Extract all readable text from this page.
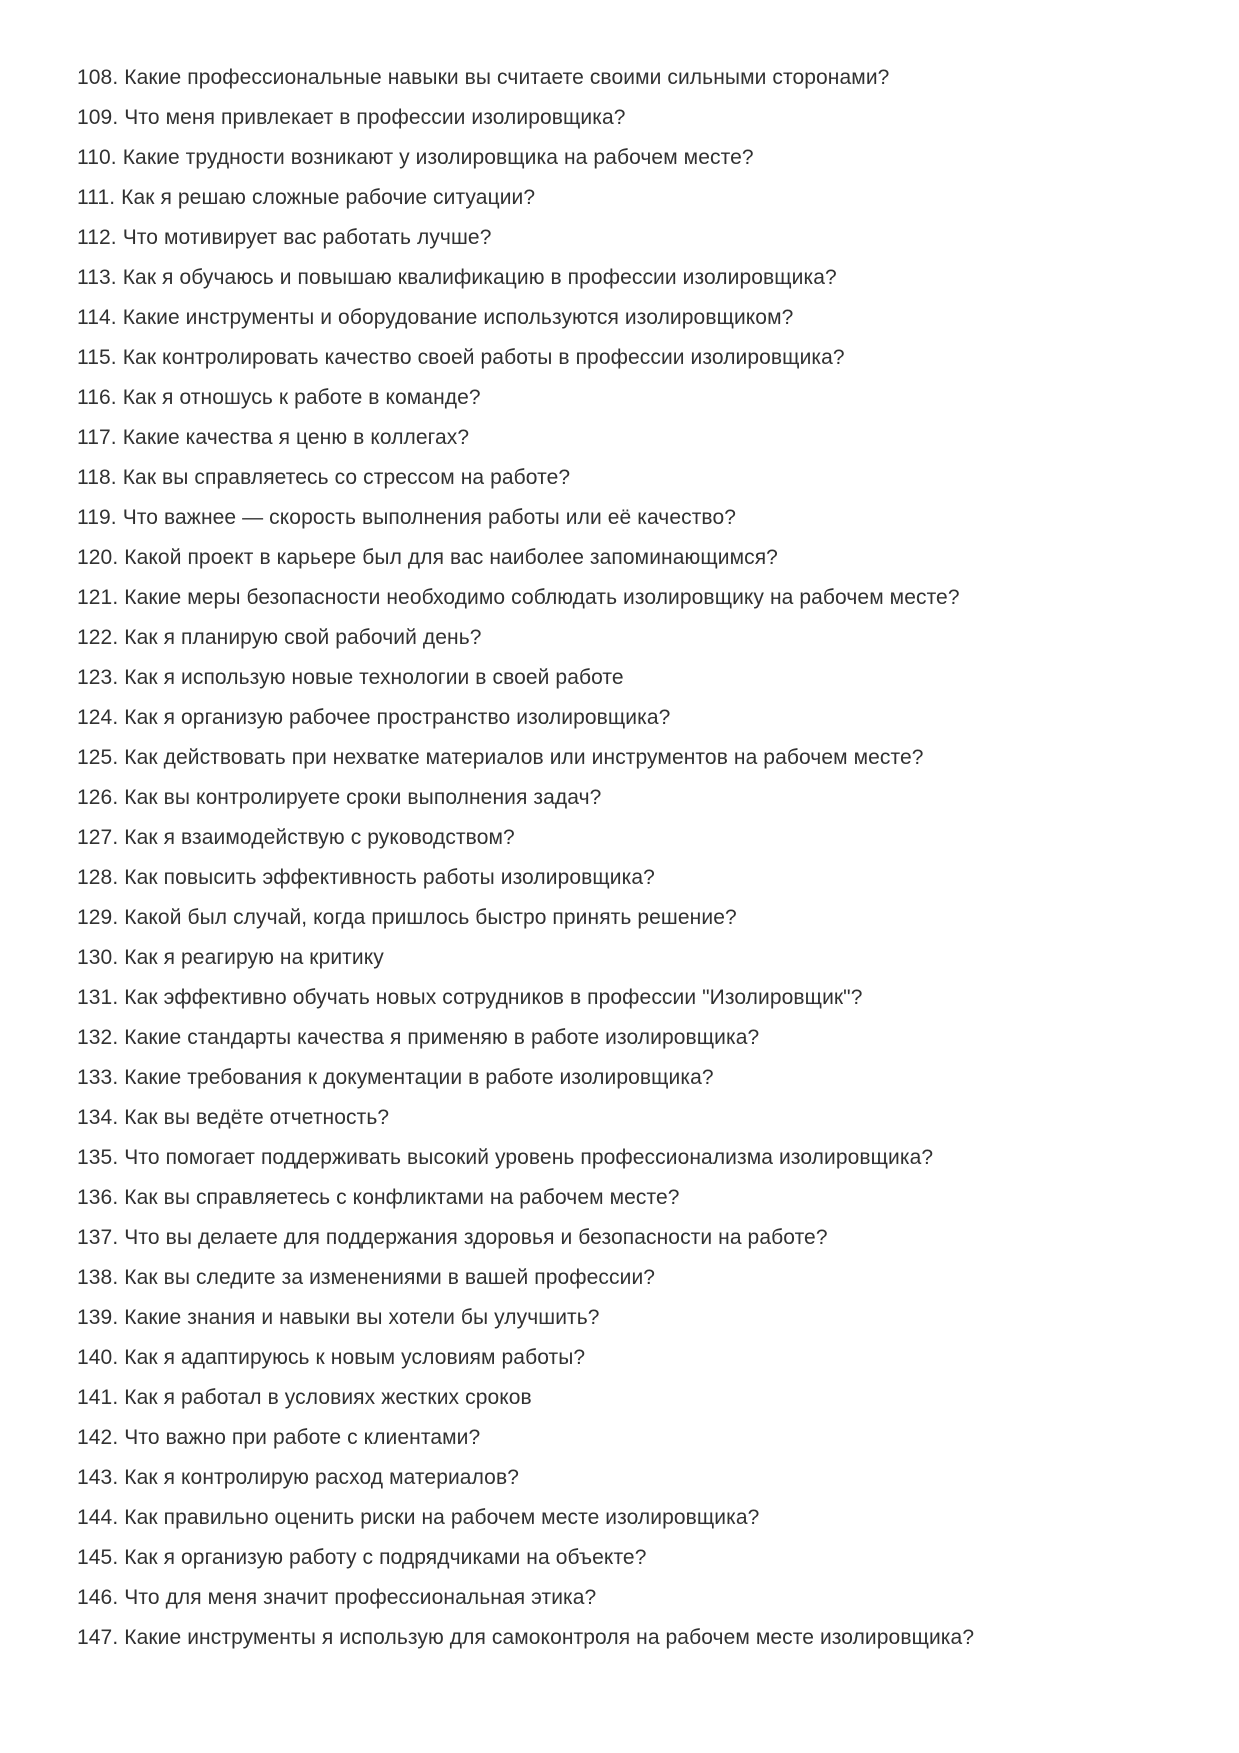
108. Какие профессиональные навыки вы считаете своими сильными сторонами?
109. Что меня привлекает в профессии изолировщика?
110. Какие трудности возникают у изолировщика на рабочем месте?
111. Как я решаю сложные рабочие ситуации?
112. Что мотивирует вас работать лучше?
113. Как я обучаюсь и повышаю квалификацию в профессии изолировщика?
114. Какие инструменты и оборудование используются изолировщиком?
115. Как контролировать качество своей работы в профессии изолировщика?
116. Как я отношусь к работе в команде?
117. Какие качества я ценю в коллегах?
118. Как вы справляетесь со стрессом на работе?
119. Что важнее — скорость выполнения работы или её качество?
120. Какой проект в карьере был для вас наиболее запоминающимся?
121. Какие меры безопасности необходимо соблюдать изолировщику на рабочем месте?
122. Как я планирую свой рабочий день?
123. Как я использую новые технологии в своей работе
124. Как я организую рабочее пространство изолировщика?
125. Как действовать при нехватке материалов или инструментов на рабочем месте?
126. Как вы контролируете сроки выполнения задач?
127. Как я взаимодействую с руководством?
128. Как повысить эффективность работы изолировщика?
129. Какой был случай, когда пришлось быстро принять решение?
130. Как я реагирую на критику
131. Как эффективно обучать новых сотрудников в профессии "Изолировщик"?
132. Какие стандарты качества я применяю в работе изолировщика?
133. Какие требования к документации в работе изолировщика?
134. Как вы ведёте отчетность?
135. Что помогает поддерживать высокий уровень профессионализма изолировщика?
136. Как вы справляетесь с конфликтами на рабочем месте?
137. Что вы делаете для поддержания здоровья и безопасности на работе?
138. Как вы следите за изменениями в вашей профессии?
139. Какие знания и навыки вы хотели бы улучшить?
140. Как я адаптируюсь к новым условиям работы?
141. Как я работал в условиях жестких сроков
142. Что важно при работе с клиентами?
143. Как я контролирую расход материалов?
144. Как правильно оценить риски на рабочем месте изолировщика?
145. Как я организую работу с подрядчиками на объекте?
146. Что для меня значит профессиональная этика?
147. Какие инструменты я использую для самоконтроля на рабочем месте изолировщика?
